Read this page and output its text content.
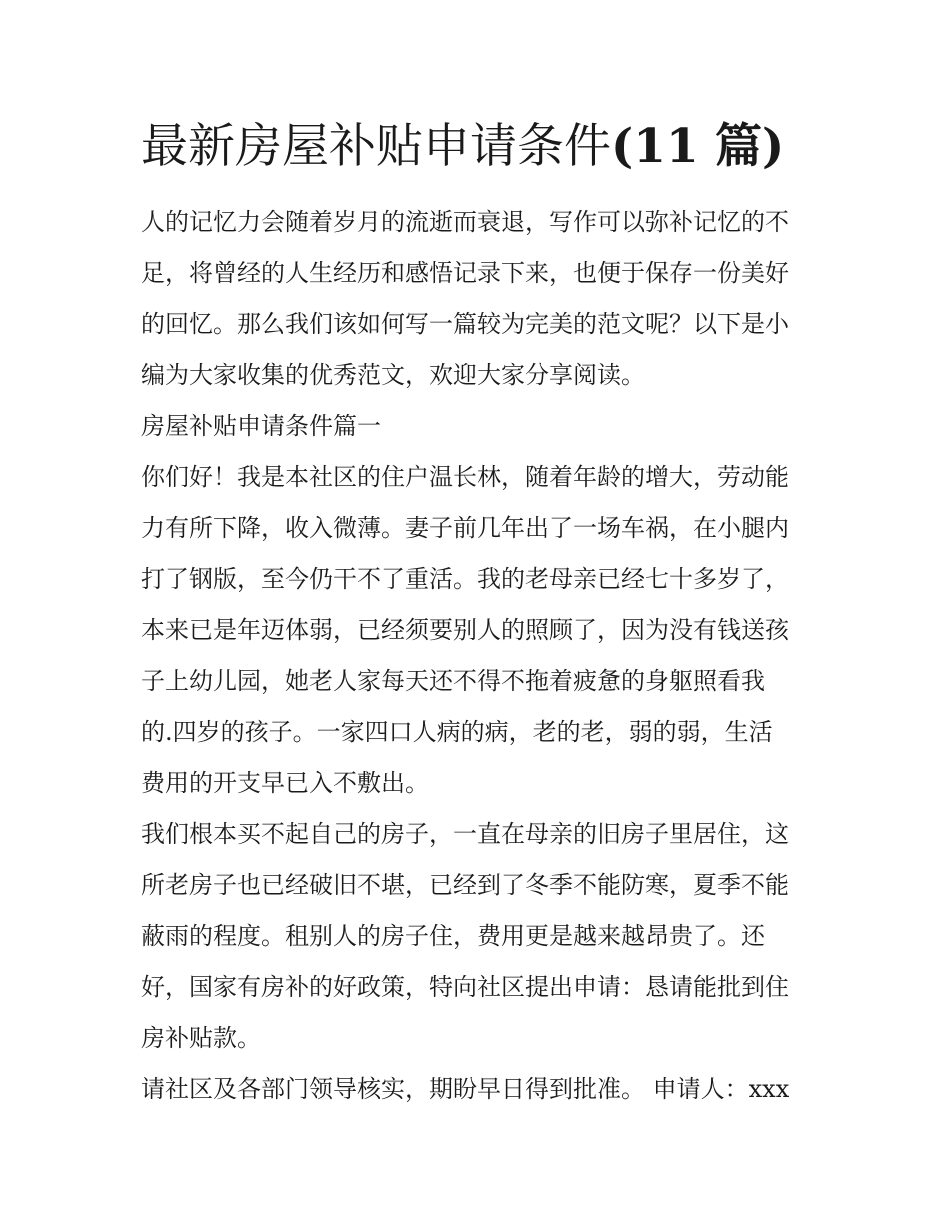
最新房屋补贴申请条件(11 篇)

人的记忆力会随着岁月的流逝而衰退，写作可以弥补记忆的不
足，将曾经的人生经历和感悟记录下来，也便于保存一份美好
的回忆。那么我们该如何写一篇较为完美的范文呢？以下是小
编为大家收集的优秀范文，欢迎大家分享阅读。

房屋补贴申请条件篇一

你们好！我是本社区的住户温长林，随着年龄的增大，劳动能
力有所下降，收入微薄。妻子前几年出了一场车祸，在小腿内
打了钢版，至今仍干不了重活。我的老母亲已经七十多岁了，
本来已是年迈体弱，已经须要别人的照顾了，因为没有钱送孩
子上幼儿园，她老人家每天还不得不拖着疲惫的身躯照看我
的.四岁的孩子。一家四口人病的病，老的老，弱的弱，生活
费用的开支早已入不敷出。

我们根本买不起自己的房子，一直在母亲的旧房子里居住，这
所老房子也已经破旧不堪，已经到了冬季不能防寒，夏季不能
蔽雨的程度。租别人的房子住，费用更是越来越昂贵了。还
好，国家有房补的好政策，特向社区提出申请：恳请能批到住
房补贴款。

请社区及各部门领导核实，期盼早日得到批准。 申请人：xxx
